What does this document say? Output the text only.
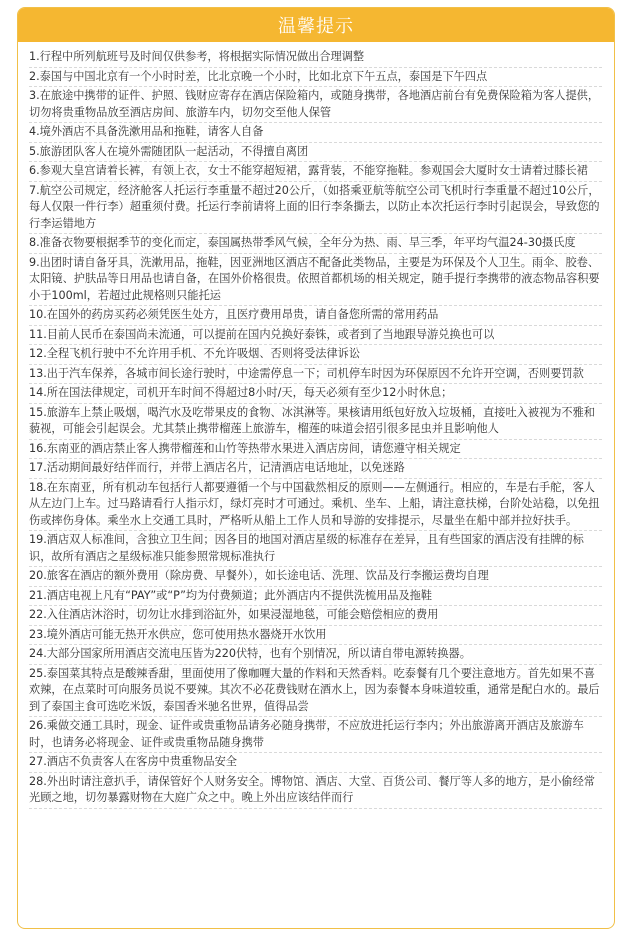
温馨提示
1.行程中所列航班号及时间仅供参考，将根据实际情况做出合理调整
2.泰国与中国北京有一个小时时差，比北京晚一个小时，比如北京下午五点，泰国是下午四点
3.在旅途中携带的证件、护照、钱财应寄存在酒店保险箱内，或随身携带，各地酒店前台有免费保险箱为客人提供，切勿将贵重物品放至酒店房间、旅游车内，切勿交至他人保管
4.境外酒店不具备洗漱用品和拖鞋，请客人自备
5.旅游团队客人在境外需随团队一起活动，不得擅自离团
6.参观大皇宫请着长裤，有领上衣，女士不能穿超短裙，露背装，不能穿拖鞋。参观国会大厦时女士请着过膝长裙
7.航空公司规定，经济舱客人托运行李重量不超过20公斤，（如搭乘亚航等航空公司飞机时行李重量不超过10公斤，每人仅限一件行李）超重须付费。托运行李前请将上面的旧行李条撕去，以防止本次托运行李时引起误会，导致您的行李运错地方
8.准备衣物要根据季节的变化而定，泰国属热带季风气候，全年分为热、雨、旱三季，年平均气温24-30摄氏度
9.出团时请自备牙具，洗漱用品，拖鞋，因亚洲地区酒店不配备此类物品，主要是为环保及个人卫生。雨伞、胶卷、太阳镜、护肤品等日用品也请自备，在国外价格很贵。依照首都机场的相关规定，随手提行李携带的液态物品容积要小于100ml，若超过此规格则只能托运
10.在国外的药房买药必须凭医生处方，且医疗费用昂贵，请自备您所需的常用药品
11.目前人民币在泰国尚未流通，可以提前在国内兑换好泰铢，或者到了当地跟导游兑换也可以
12.全程飞机行驶中不允许用手机、不允许吸烟、否则将受法律诉讼
13.出于汽车保养，各城市间长途行驶时，中途需停息一下；司机停车时因为环保原因不允许开空调，否则要罚款
14.所在国法律规定，司机开车时间不得超过8小时/天，每天必须有至少12小时休息；
15.旅游车上禁止吸烟，喝汽水及吃带果皮的食物、冰淇淋等。果核请用纸包好放入垃圾桶，直接吐入被视为不雅和藐视，可能会引起误会。尤其禁止携带榴莲上旅游车，榴莲的味道会招引很多昆虫并且影响他人
16.东南亚的酒店禁止客人携带榴莲和山竹等热带水果进入酒店房间，请您遵守相关规定
17.活动期间最好结伴而行，并带上酒店名片，记清酒店电话地址，以免迷路
18.在东南亚，所有机动车包括行人都要遵循一个与中国截然相反的原则——左侧通行。相应的，车是右手舵，客人从左边门上车。过马路请看行人指示灯，绿灯亮时才可通过。乘机、坐车、上船，请注意扶梯，台阶处站稳，以免扭伤或摔伤身体。乘坐水上交通工具时，严格听从船上工作人员和导游的安排提示，尽量坐在船中部并拉好扶手。
19.酒店双人标准间，含独立卫生间；因各目的地国对酒店星级的标准存在差异，且有些国家的酒店没有挂牌的标识，故所有酒店之星级标准只能参照常规标准执行
20.旅客在酒店的额外费用（除房费、早餐外），如长途电话、洗理、饮品及行李搬运费均自理
21.酒店电视上凡有“PAY”或“P”均为付费频道；此外酒店内不提供洗梳用品及拖鞋
22.入住酒店沐浴时，切勿让水排到浴缸外，如果浸湿地毯，可能会赔偿相应的费用
23.境外酒店可能无热开水供应，您可使用热水器烧开水饮用
24.大部分国家所用酒店交流电压皆为220伏特，也有个别情况，所以请自带电源转换器。
25.泰国菜其特点是酸辣香甜，里面使用了像咖喱大量的作料和天然香料。吃泰餐有几个要注意地方。首先如果不喜欢辣，在点菜时可向服务员说不要辣。其次不必花费钱财在酒水上，因为泰餐本身味道较重，通常是配白水的。最后到了泰国主食可选吃米饭，泰国香米驰名世界，值得品尝
26.乘做交通工具时，现金、证件或贵重物品请务必随身携带，不应放进托运行李内；外出旅游离开酒店及旅游车时，也请务必将现金、证件或贵重物品随身携带
27.酒店不负责客人在客房中贵重物品安全
28.外出时请注意扒手，请保管好个人财务安全。博物馆、酒店、大堂、百货公司、餐厅等人多的地方，是小偷经常光顾之地，切勿暴露财物在大庭广众之中。晚上外出应该结伴而行
